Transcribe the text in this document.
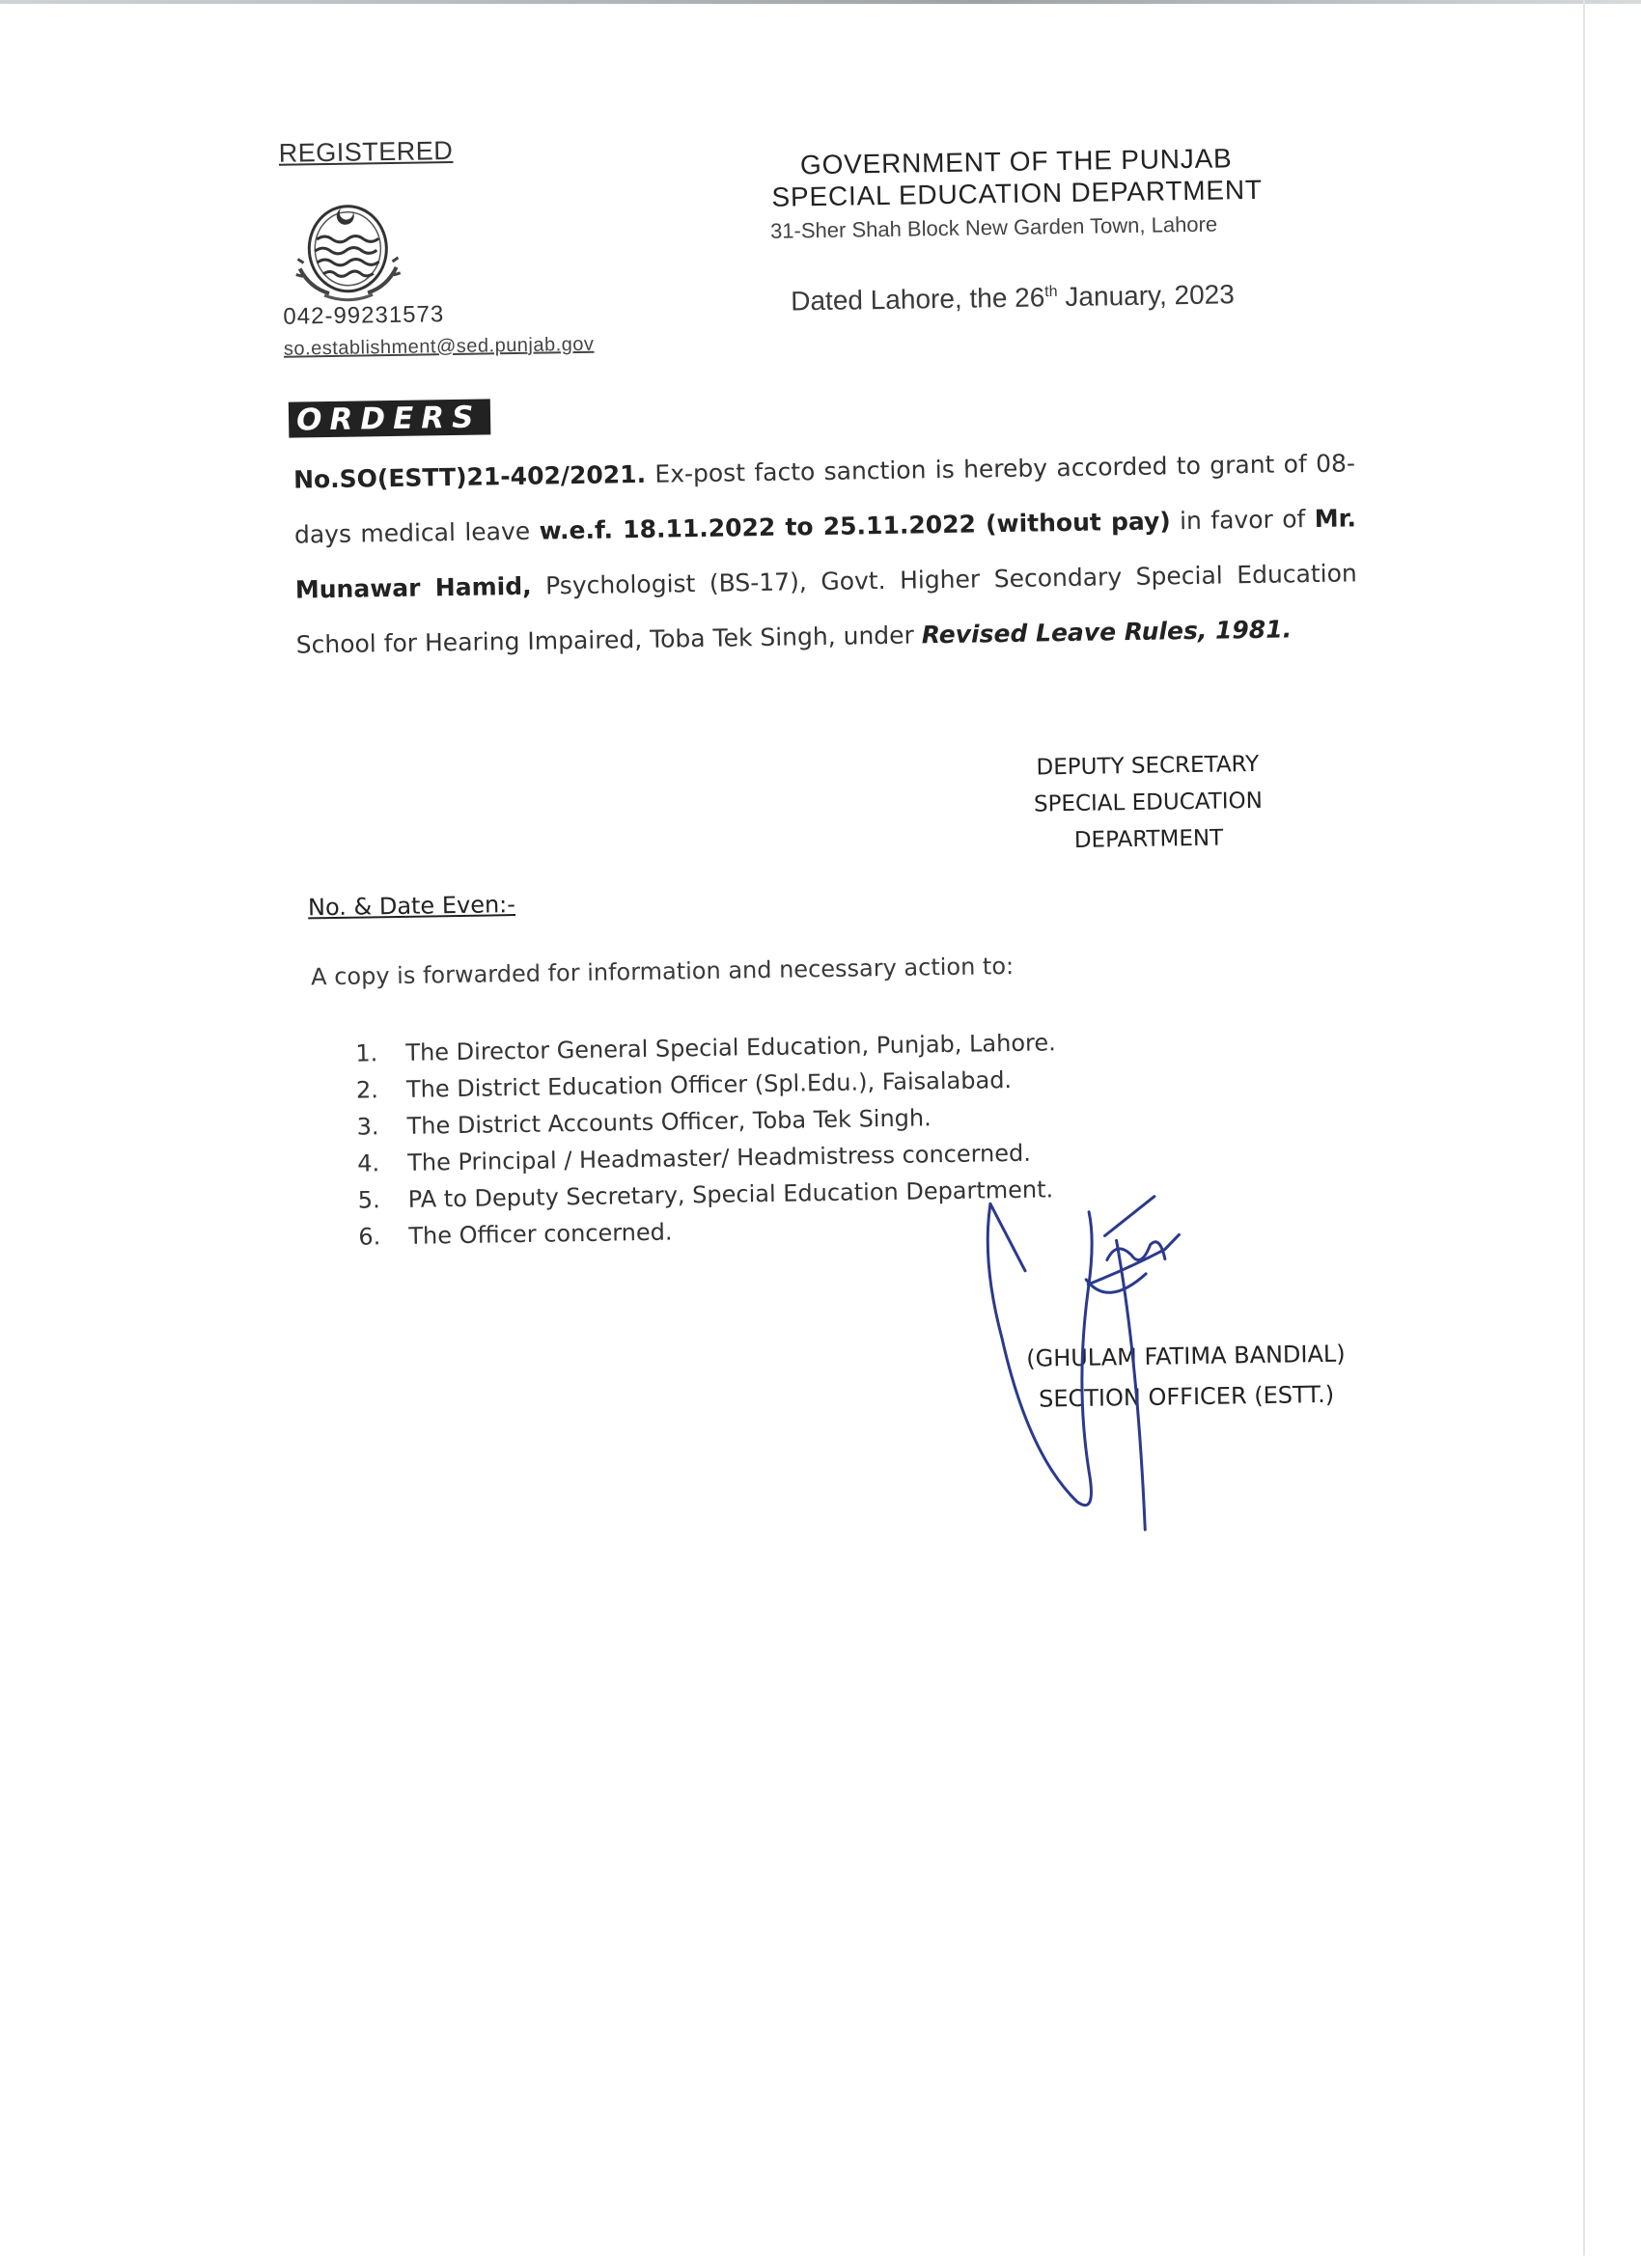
REGISTERED
042-99231573
so.establishment@sed.punjab.gov
GOVERNMENT OF THE PUNJAB
SPECIAL EDUCATION DEPARTMENT
31-Sher Shah Block New Garden Town, Lahore
Dated Lahore, the 26th January, 2023
ORDERS
No.SO(ESTT)21-402/2021. Ex-post facto sanction is hereby accorded to grant of 08-days medical leave w.e.f. 18.11.2022 to 25.11.2022 (without pay) in favor of Mr. Munawar Hamid, Psychologist (BS-17), Govt. Higher Secondary Special Education School for Hearing Impaired, Toba Tek Singh, under Revised Leave Rules, 1981.
DEPUTY SECRETARY
SPECIAL EDUCATION
DEPARTMENT
No. & Date Even:-
A copy is forwarded for information and necessary action to:
1.	The Director General Special Education, Punjab, Lahore.
2.	The District Education Officer (Spl.Edu.), Faisalabad.
3.	The District Accounts Officer, Toba Tek Singh.
4.	The Principal / Headmaster/ Headmistress concerned.
5.	PA to Deputy Secretary, Special Education Department.
6.	The Officer concerned.
(GHULAM FATIMA BANDIAL)
SECTION OFFICER (ESTT.)
